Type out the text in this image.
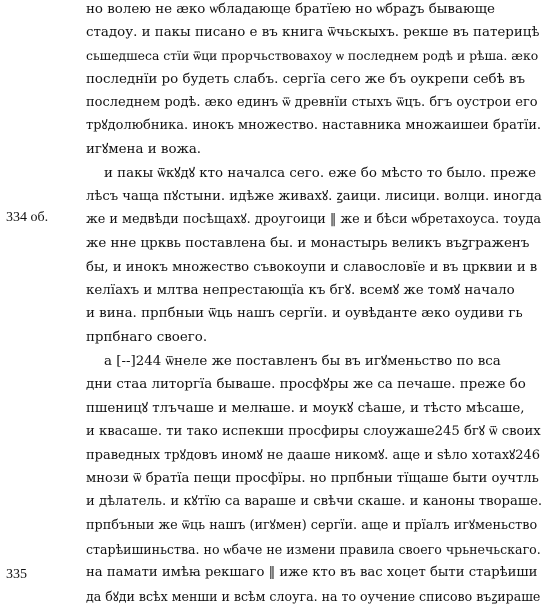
334 об.
335
но волею не ӕко ѡбладающе братїею но ѡбраꙁъ бывающе
стадоу. и пакы писано е въ книга ѿчьскыхъ. рекше въ патерицѣ
сьшедшеса стїи ѿци прорчьствовахоу ѡ последнем родѣ и рѣша. ӕко
последнїи ро будеть слабъ. сергїа сего же бъ оукрепи себѣ въ
последнем родѣ. ӕко единъ ѿ древнїи стыхъ ѿцъ. бгъ оустрои его
трꙋдолюбника. инокъ множество. наставника множаишеи братїи.
игꙋмена и вожа.
и пакы ѿкꙋдꙋ кто началса сего. еже бо мѣсто то было. преже
лѣсъ чаща пꙋстыни. идѣже живахꙋ. ꙁаици. лисици. волци. иногда
же и медвѣди посѣщахꙋ. дроугоици ‖ же и бѣси ѡбретахоуса. тоуда
же нне црквь поставлена бы. и монастырь великъ въꙁграженъ
бы, и инокъ множество съвокоупи и славословїе и въ црквии и в
келїахъ и млтва непрестающїа къ бгꙋ. всемꙋ же томꙋ начало
и вина. прпбныи ѿць нашъ сергїи. и оувѣданте ӕко оудиви гь
прпбнаго своего.
а [--]244 ѿнеле же поставленъ бы въ игꙋменьство по вса
дни стаа литоргїа бываше. просфꙋры же са печаше. преже бо
пшеницꙋ тлъчаше и мелꙗше. и моукꙋ сѣаше, и тѣсто мѣсаше,
и квасаше. ти тако испекши просфиры слоужаше245 бгꙋ ѿ своих
праведных трꙋдовъ иномꙋ не дааше никомꙋ. аще и ѕѣло хотахꙋ246
мнози ѿ братїа пещи просфїры. но прпбныи тїщаше быти оучтль
и дѣлатель. и кꙋтїю са вараше и свѣчи скаше. и каноны твораше.
прпбъныи же ѿць нашъ (игꙋмен) сергїи. аще и прїалъ игꙋменьство
старѣишиньства. но ѡбаче не измени правила своего чрьнечьскаго.
на памати имѣꙗ рекшаго ‖ иже кто въ вас хоцет быти старѣиши
да бꙋди всѣх менши и всѣм слоуга. на то оучение списово въꙁираше
